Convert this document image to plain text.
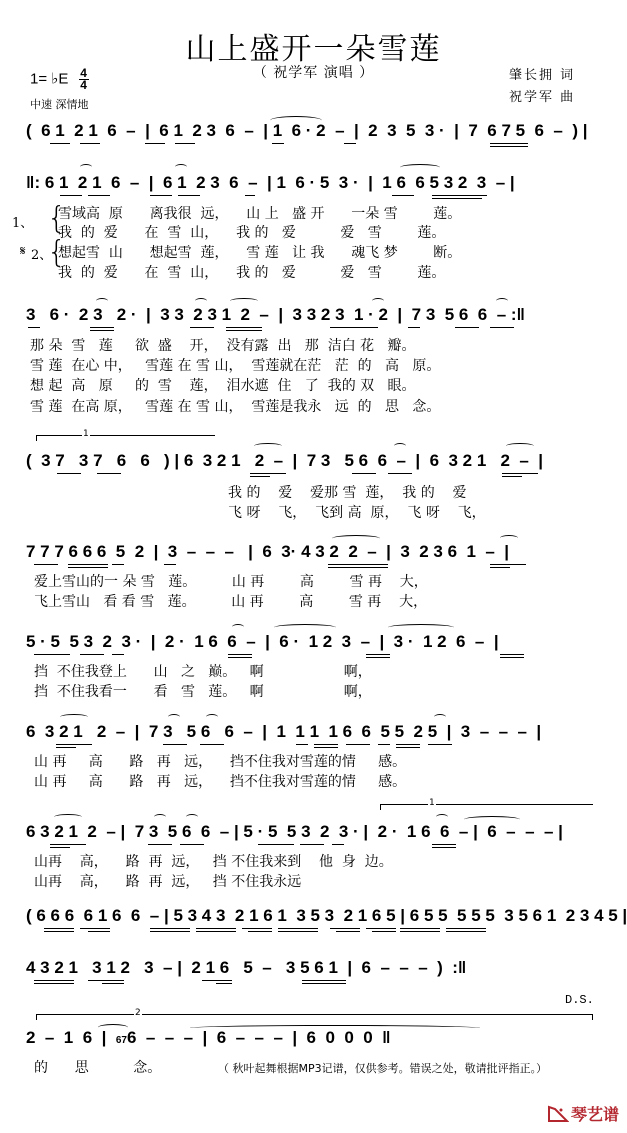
山上盛开一朵雪莲
（ 祝学军 演唱 ）	肇长拥 词
祝学军 曲
1= ♭E $\frac{4}{4}$
中速 深情地
(  6 1  2 1  6  –  |  6 1  2 3  6  –  | 1  6 · 2  –  |  2  3  5  3 ·  |  7  6 7 5  6  –  ) |
‖: 6 1  2 1  6  –  |  6 1  2 3  6  –  | 1  6 · 5  3 ·  |  1 6  6 5 3 2  3  – |
1、
𝄋 2、
{
{
雪域高  原      离我很  远，    山 上   盛 开      一朵 雪        莲。
我  的  爱      在  雪  山，    我 的   爱          爱   雪        莲。
想起雪  山      想起雪  莲，    雪 莲   让 我      魂飞 梦        断。
我  的  爱      在  雪  山，    我 的   爱          爱   雪        莲。
3   6 ·  2 3   2 ·  |  3 3  2 3 1  2  –  |  3 3 2 3  1 · 2  |  7 3  5 6  6  – :‖
那 朵  雪   莲     欲  盛    开，  没有露  出   那  洁白 花   瓣。
雪 莲  在心 中，   雪莲 在 雪 山，  雪莲就在茫   茫  的   高   原。
想 起  高   原     的  雪    莲，  泪水遮  住   了  我的 双   眼。
雪 莲  在高 原，   雪莲 在 雪 山，  雪莲是我永   远  的   思   念。
1
(  3 7   3 7   6   6   ) | 6  3 2 1   2  –  |  7 3   5 6  6  –  |  6  3 2 1   2  –  |
我 的    爱    爱那 雪  莲，  我 的    爱
飞 呀    飞，  飞到 高  原，  飞 呀    飞，
7 7 7 6 6 6  5  2  |  3  –  –  –   |  6  3· 4 3 2  2  –  |  3  2 3 6  1  –  |
爱上雪山的一 朵 雪   莲。        山 再        高        雪 再    大，
飞上雪山   看 看 雪   莲。        山 再        高        雪 再    大，
5 · 5  5 3  2  3 ·  |  2 ·  1 6  6  –  |  6 ·  1 2  3  –  |  3 ·  1 2  6  –  |
挡  不住我登上      山   之   巅。   啊                  啊，
挡  不住我看一      看   雪   莲。   啊                  啊，
6  3 2 1   2  –  |  7 3   5 6   6  –  |  1  1 1  1 6  6  5 5  2 5  |  3  –  –  –  |
山 再     高      路   再   远，    挡不住我对雪莲的情     感。
山 再     高      路   再   远，    挡不住我对雪莲的情     感。
1
6 3 2 1  2  – |  7 3  5 6  6  – | 5 · 5  5 3  2  3 · |  2 ·  1 6  6  – |  6  –  –  – |
山再    高，    路  再  远，   挡 不住我来到    他  身  边。
山再    高，    路  再  远，   挡 不住我永远
( 6 6 6  6 1 6  6  – | 5 3 4 3  2 1 6 1  3 5 3  2 1 6 5 | 6 5 5  5 5 5  3 5 6 1  2 3 4 5 |
4 3 2 1   3 1 2   3  – |  2 1 6   5  –   3 5 6 1  |  6  –  –  –  )  :‖
D.S.
2
2  –  1  6  |  676  –  –  –  |  6  –  –  –  |  6  0  0  0  ‖
的      思          念。	（ 秋叶起舞根据MP3记谱，仅供参考。错误之处，敬请批评指正。）
琴艺谱
